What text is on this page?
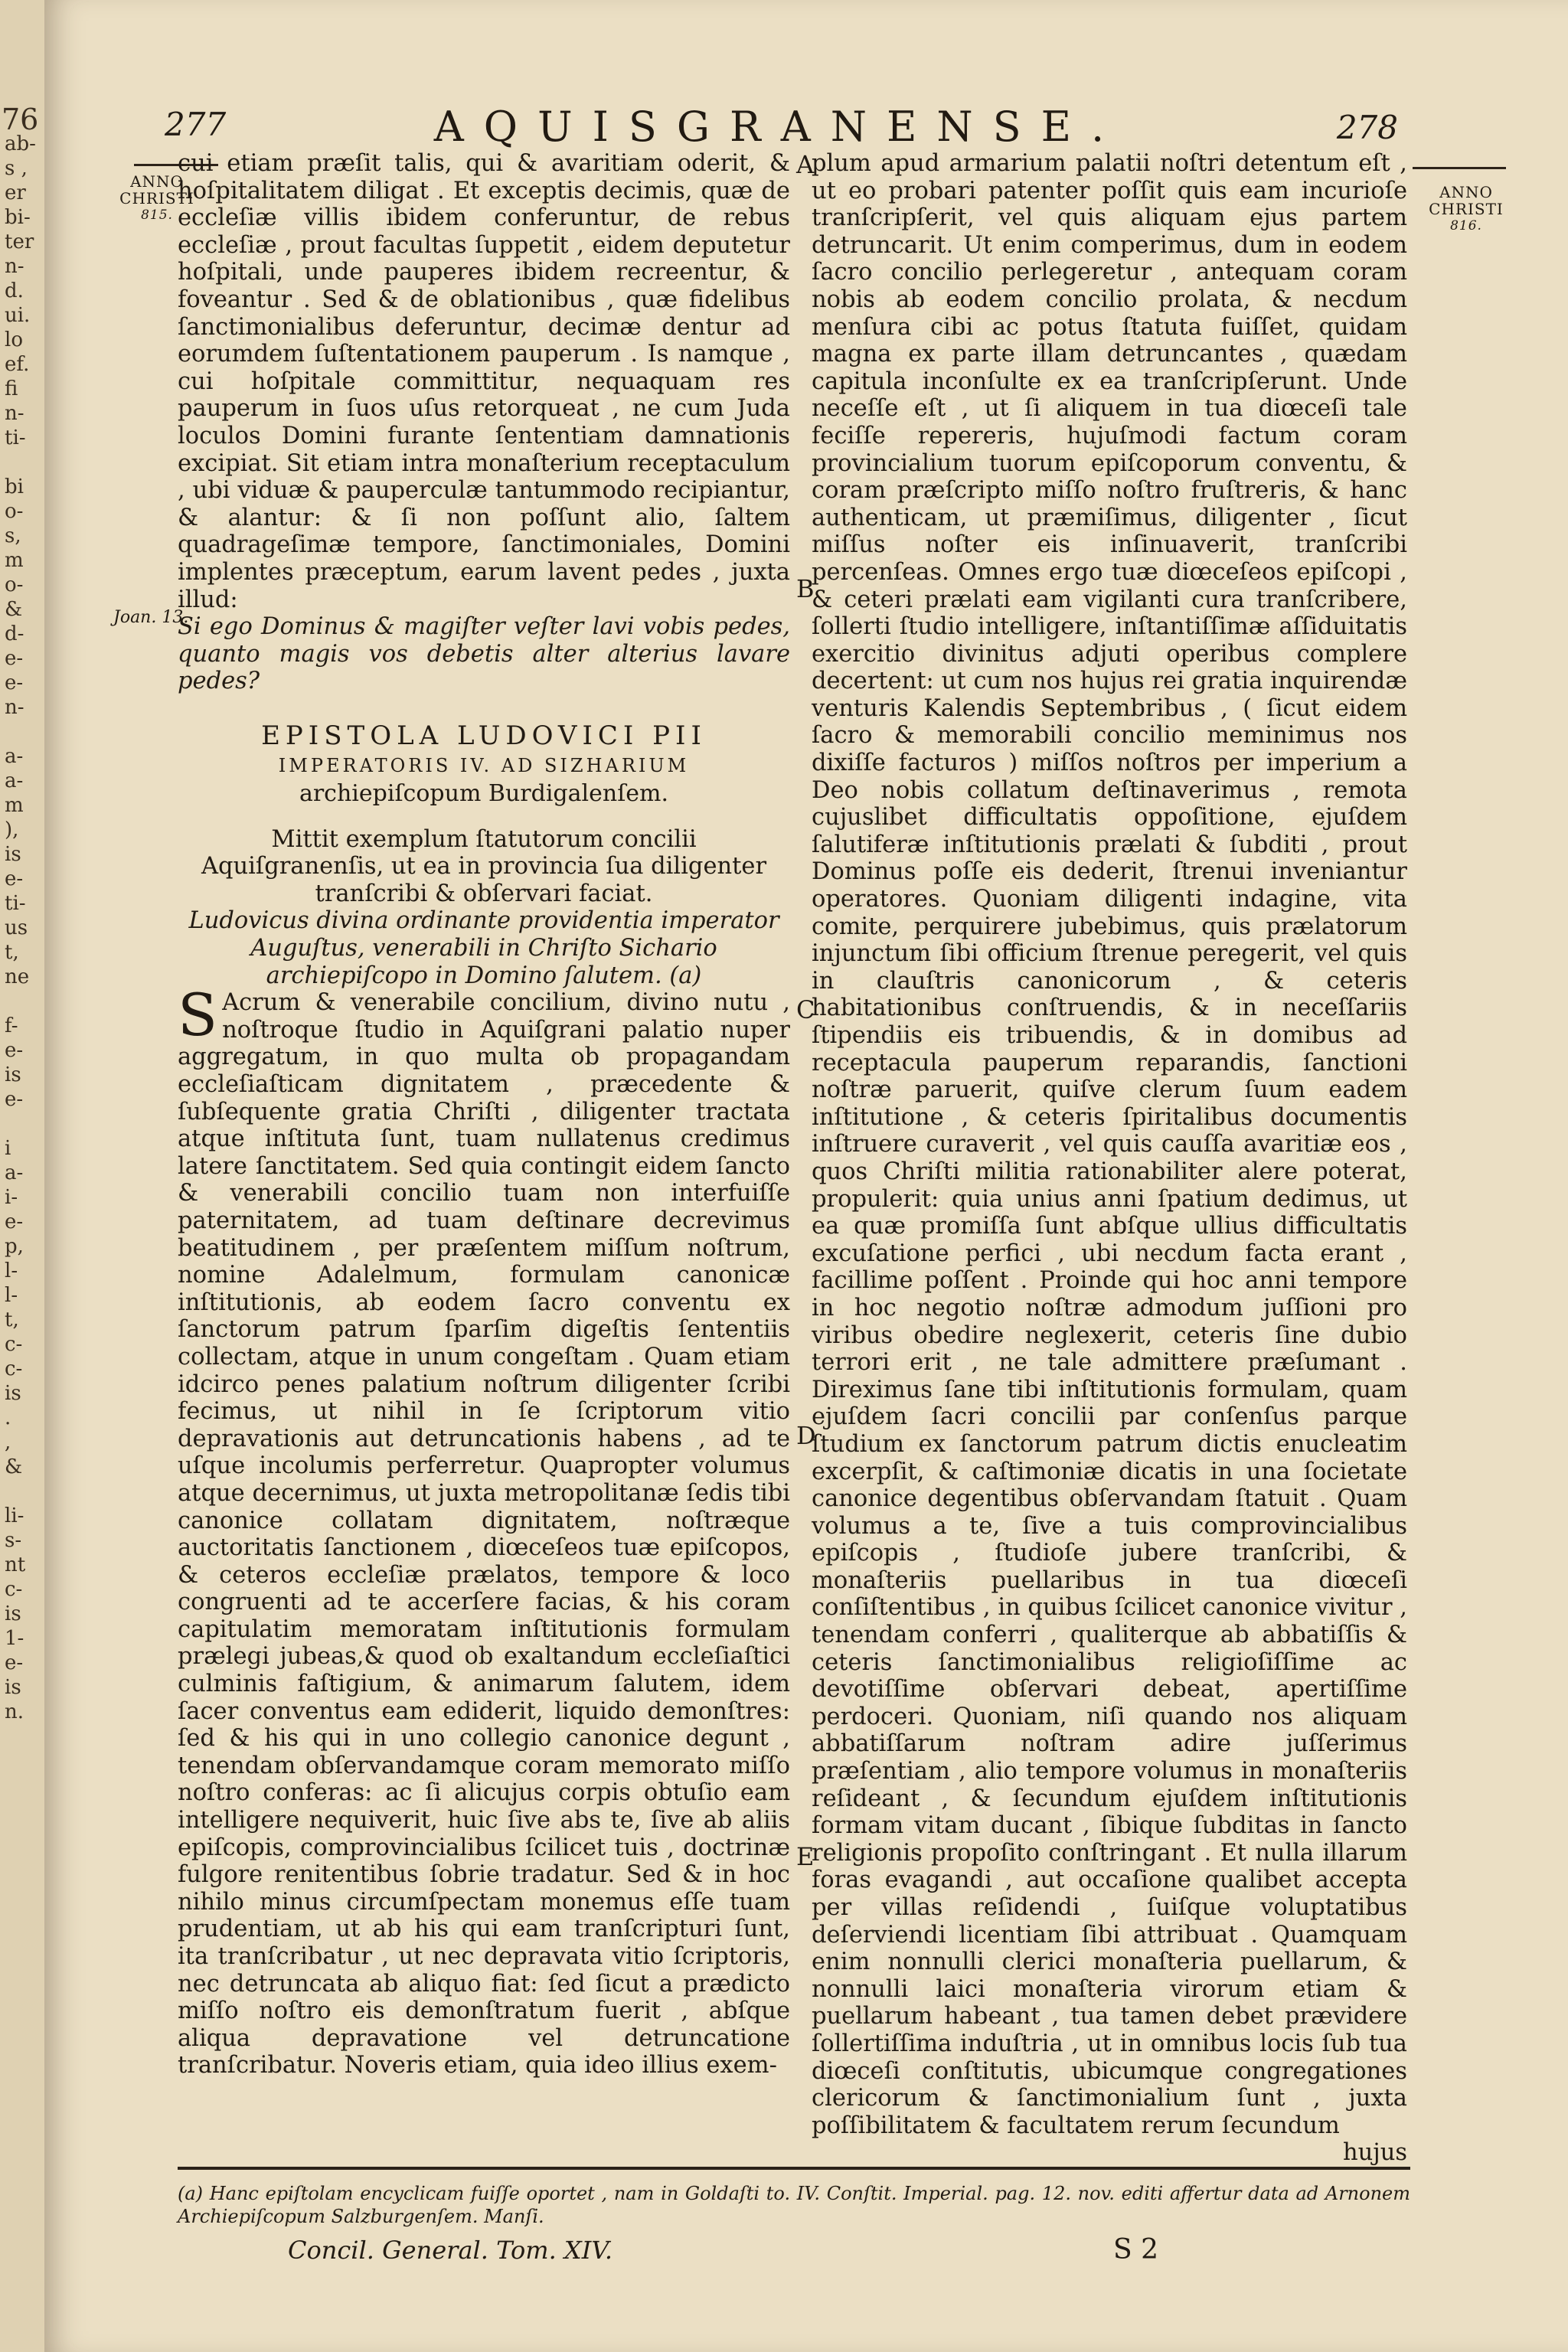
76
ab-
s ,
er
bi-
ter
n-
d.
ui.
lo
ef.
fi
n-
ti-

bi
o-
s,
m
o-
&
d-
e-
e-
n-

a-
a-
m
),
is
e-
ti-
us
t,
ne

f-
e-
is
e-

i
a-
i-
e-
p,
l-
l-
t,
c-
c-
is
.
,
&

li-
s-
nt
c-
is
1-
e-
is
n.
277	AQUISGRANENSE.	278
ANNO
CHRISTI
815.
ANNO
CHRISTI
816.
Joan. 13.
A
B
C
D
E

cui etiam præſit talis, qui & avaritiam oderit, & hoſpitalitatem diligat . Et exceptis decimis, quæ de eccleſiæ villis ibidem conferuntur, de rebus eccleſiæ , prout facultas ſuppetit , eidem deputetur hoſpitali, unde pauperes ibidem recreentur, & foveantur . Sed & de oblationibus , quæ fidelibus ſanctimonialibus deferuntur, decimæ dentur ad eorumdem ſuſtentationem pauperum . Is namque , cui hoſpitale committitur, nequaquam res pauperum in ſuos uſus retorqueat , ne cum Juda loculos Domini furante ſententiam damnationis excipiat. Sit etiam intra monaſterium receptaculum , ubi viduæ & pauperculæ tantummodo recipiantur, & alantur: & ſi non poſſunt alio, ſaltem quadrageſimæ tempore, ſanctimoniales, Domini implentes præceptum, earum lavent pedes , juxta illud:

Si ego Dominus & magiſter veſter lavi vobis pedes, quanto magis vos debetis alter alterius lavare pedes?

EPISTOLA LUDOVICI PII
IMPERATORIS IV. AD SIZHARIUM
archiepiſcopum Burdigalenſem.

Mittit exemplum ſtatutorum concilii Aquiſgranenſis, ut ea in provincia ſua diligenter tranſcribi & obſervari faciat.

Ludovicus divina ordinante providentia imperator Auguſtus, venerabili in Chriſto Sichario archiepiſcopo in Domino ſalutem. (a)

S Acrum & venerabile concilium, divino nutu , noſtroque ſtudio in Aquiſgrani palatio nuper aggregatum, in quo multa ob propagandam eccleſiaſticam dignitatem , præcedente & ſubſequente gratia Chriſti , diligenter tractata atque inſtituta ſunt, tuam nullatenus credimus latere ſanctitatem. Sed quia contingit eidem ſancto & venerabili concilio tuam non interfuiſſe paternitatem, ad tuam deſtinare decrevimus beatitudinem , per præſentem miſſum noſtrum, nomine Adalelmum, formulam canonicæ inſtitutionis, ab eodem ſacro conventu ex ſanctorum patrum ſparſim digeſtis ſententiis collectam, atque in unum congeſtam . Quam etiam idcirco penes palatium noſtrum diligenter ſcribi fecimus, ut nihil in ſe ſcriptorum vitio depravationis aut detruncationis habens , ad te uſque incolumis perferretur. Quapropter volumus atque decernimus, ut juxta metropolitanæ ſedis tibi canonice collatam dignitatem, noſtræque auctoritatis ſanctionem , diœceſeos tuæ epiſcopos, & ceteros eccleſiæ prælatos, tempore & loco congruenti ad te accerſere facias, & his coram capitulatim memoratam inſtitutionis formulam prælegi jubeas,& quod ob exaltandum eccleſiaſtici culminis faſtigium, & animarum ſalutem, idem ſacer conventus eam ediderit, liquido demonſtres: ſed & his qui in uno collegio canonice degunt , tenendam obſervandamque coram memorato miſſo noſtro conferas: ac ſi alicujus corpis obtuſio eam intelligere nequiverit, huic ſive abs te, ſive ab aliis epiſcopis, comprovincialibus ſcilicet tuis , doctrinæ fulgore renitentibus ſobrie tradatur. Sed & in hoc nihilo minus circumſpectam monemus eſſe tuam prudentiam, ut ab his qui eam tranſcripturi ſunt, ita tranſcribatur , ut nec depravata vitio ſcriptoris, nec detruncata ab aliquo fiat: ſed ſicut a prædicto miſſo noſtro eis demonſtratum fuerit , abſque aliqua depravatione vel detruncatione tranſcribatur. Noveris etiam, quia ideo illius exem-

plum apud armarium palatii noſtri detentum eſt , ut eo probari patenter poſſit quis eam incurioſe tranſcripſerit, vel quis aliquam ejus partem detruncarit. Ut enim comperimus, dum in eodem ſacro concilio perlegeretur , antequam coram nobis ab eodem concilio prolata, & necdum menſura cibi ac potus ſtatuta fuiſſet, quidam magna ex parte illam detruncantes , quædam capitula inconſulte ex ea tranſcripſerunt. Unde neceſſe eſt , ut ſi aliquem in tua diœceſi tale feciſſe repereris, hujuſmodi factum coram provincialium tuorum epiſcoporum conventu, & coram præſcripto miſſo noſtro fruſtreris, & hanc authenticam, ut præmiſimus, diligenter , ſicut miſſus noſter eis inſinuaverit, tranſcribi percenſeas. Omnes ergo tuæ diœceſeos epiſcopi , & ceteri prælati eam vigilanti cura tranſcribere, ſollerti ſtudio intelligere, inſtantiſſimæ aſſiduitatis exercitio divinitus adjuti operibus complere decertent: ut cum nos hujus rei gratia inquirendæ venturis Kalendis Septembribus , ( ſicut eidem ſacro & memorabili concilio meminimus nos dixiſſe facturos ) miſſos noſtros per imperium a Deo nobis collatum deſtinaverimus , remota cujuslibet difficultatis oppoſitione, ejuſdem ſalutiferæ inſtitutionis prælati & ſubditi , prout Dominus poſſe eis dederit, ſtrenui inveniantur operatores. Quoniam diligenti indagine, vita comite, perquirere jubebimus, quis prælatorum injunctum ſibi officium ſtrenue peregerit, vel quis in clauſtris canonicorum , & ceteris habitationibus conſtruendis, & in neceſſariis ſtipendiis eis tribuendis, & in domibus ad receptacula pauperum reparandis, ſanctioni noſtræ paruerit, quiſve clerum ſuum eadem inſtitutione , & ceteris ſpiritalibus documentis inſtruere curaverit , vel quis cauſſa avaritiæ eos , quos Chriſti militia rationabiliter alere poterat, propulerit: quia unius anni ſpatium dedimus, ut ea quæ promiſſa ſunt abſque ullius difficultatis excuſatione perfici , ubi necdum facta erant , facillime poſſent . Proinde qui hoc anni tempore in hoc negotio noſtræ admodum juſſioni pro viribus obedire neglexerit, ceteris ſine dubio terrori erit , ne tale admittere præſumant . Direximus ſane tibi inſtitutionis formulam, quam ejuſdem ſacri concilii par conſenſus parque ſtudium ex ſanctorum patrum dictis enucleatim excerpſit, & caſtimoniæ dicatis in una ſocietate canonice degentibus obſervandam ſtatuit . Quam volumus a te, ſive a tuis comprovincialibus epiſcopis , ſtudioſe jubere tranſcribi, & monaſteriis puellaribus in tua diœceſi conſiſtentibus , in quibus ſcilicet canonice vivitur , tenendam conferri , qualiterque ab abbatiſſis & ceteris ſanctimonialibus religioſiſſime ac devotiſſime obſervari debeat, apertiſſime perdoceri. Quoniam, niſi quando nos aliquam abbatiſſarum noſtram adire juſſerimus præſentiam , alio tempore volumus in monaſteriis reſideant , & ſecundum ejuſdem inſtitutionis formam vitam ducant , ſibique ſubditas in ſancto religionis propoſito conſtringant . Et nulla illarum foras evagandi , aut occaſione qualibet accepta per villas reſidendi , ſuiſque voluptatibus deſerviendi licentiam ſibi attribuat . Quamquam enim nonnulli clerici monaſteria puellarum, & nonnulli laici monaſteria virorum etiam & puellarum habeant , tua tamen debet prævidere ſollertiſſima induſtria , ut in omnibus locis ſub tua diœceſi conſtitutis, ubicumque congregationes clericorum & ſanctimonialium ſunt , juxta poſſibilitatem & facultatem rerum ſecundum

hujus
(a) Hanc epiſtolam encyclicam fuiſſe oportet , nam in Goldaſti to. IV. Conſtit. Imperial. pag. 12. nov. editi affertur data ad Arnonem Archiepiſcopum Salzburgenſem. Manſi.
Concil. General. Tom. XIV.	S 2
